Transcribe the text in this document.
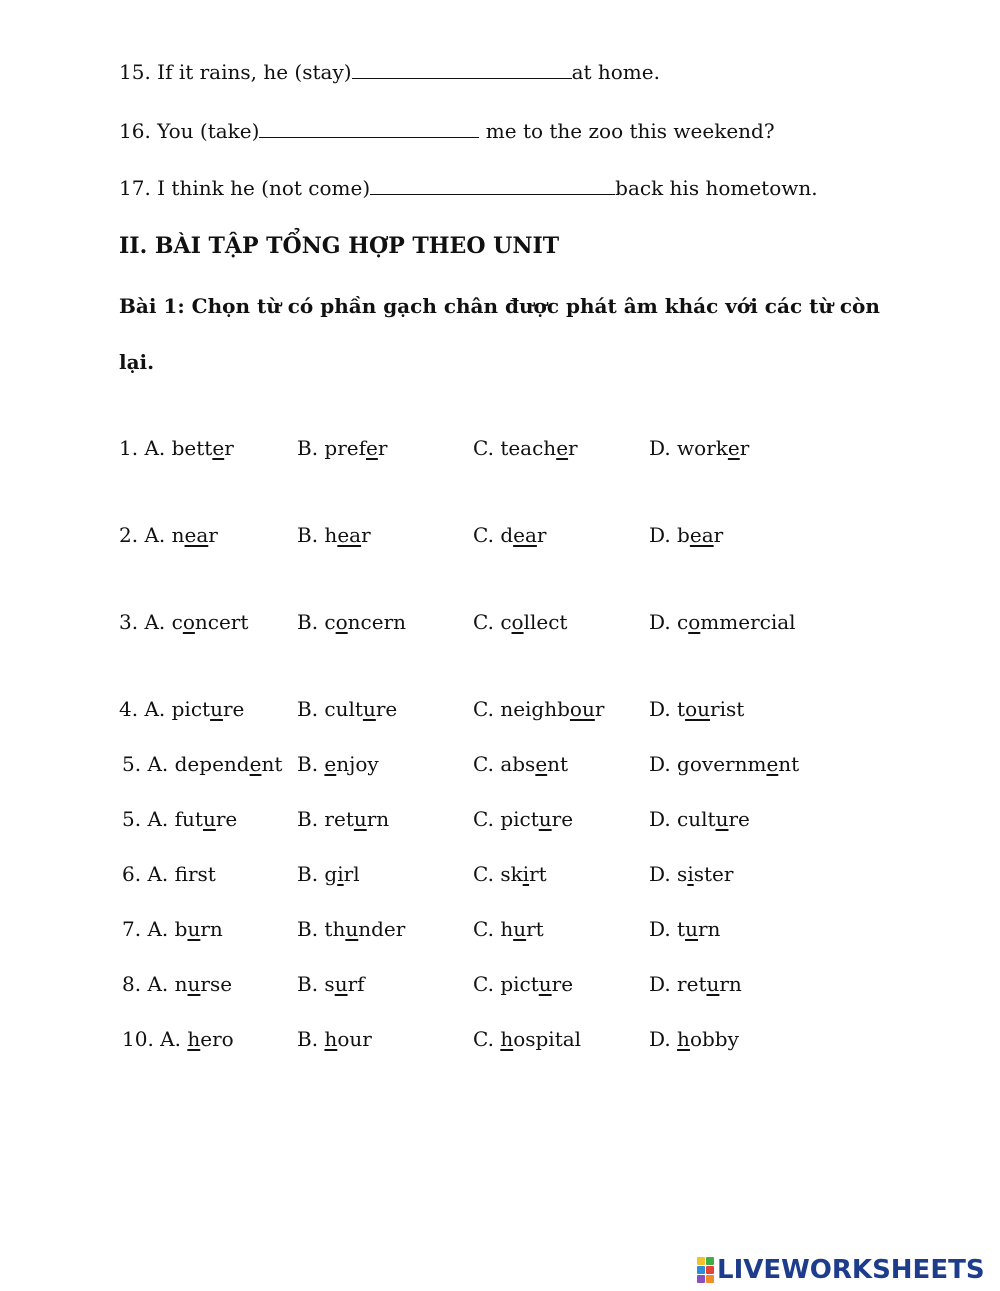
15. If it rains, he (stay)	at home.
16. You (take)	me to the zoo this weekend?
17. I think he (not come)	back his hometown.
II. BÀI TẬP TỔNG HỢP THEO UNIT
Bài 1: Chọn từ có phần gạch chân được phát âm khác với các từ còn
lại.
1. A. better	B. prefer	C. teacher	D. worker
2. A. near	B. hear	C. dear	D. bear
3. A. concert B. concern	C. collect	D. commercial
4. A. picture	B. culture	C. neighbour D. tourist
5. A. dependent B. enjoy	C. absent	D. government
5. A. future	B. return	C. picture	D. culture
6. A. frst	B. girl	C. skirt	D. sister
7. A. burn	B. thunder	C. hurt	D. turn
8. A. nurse	B. surf	C. picture	D. return
10. A. hero	B. hour	C. hospital	D. hobby
LIVEWORKSHEETS
